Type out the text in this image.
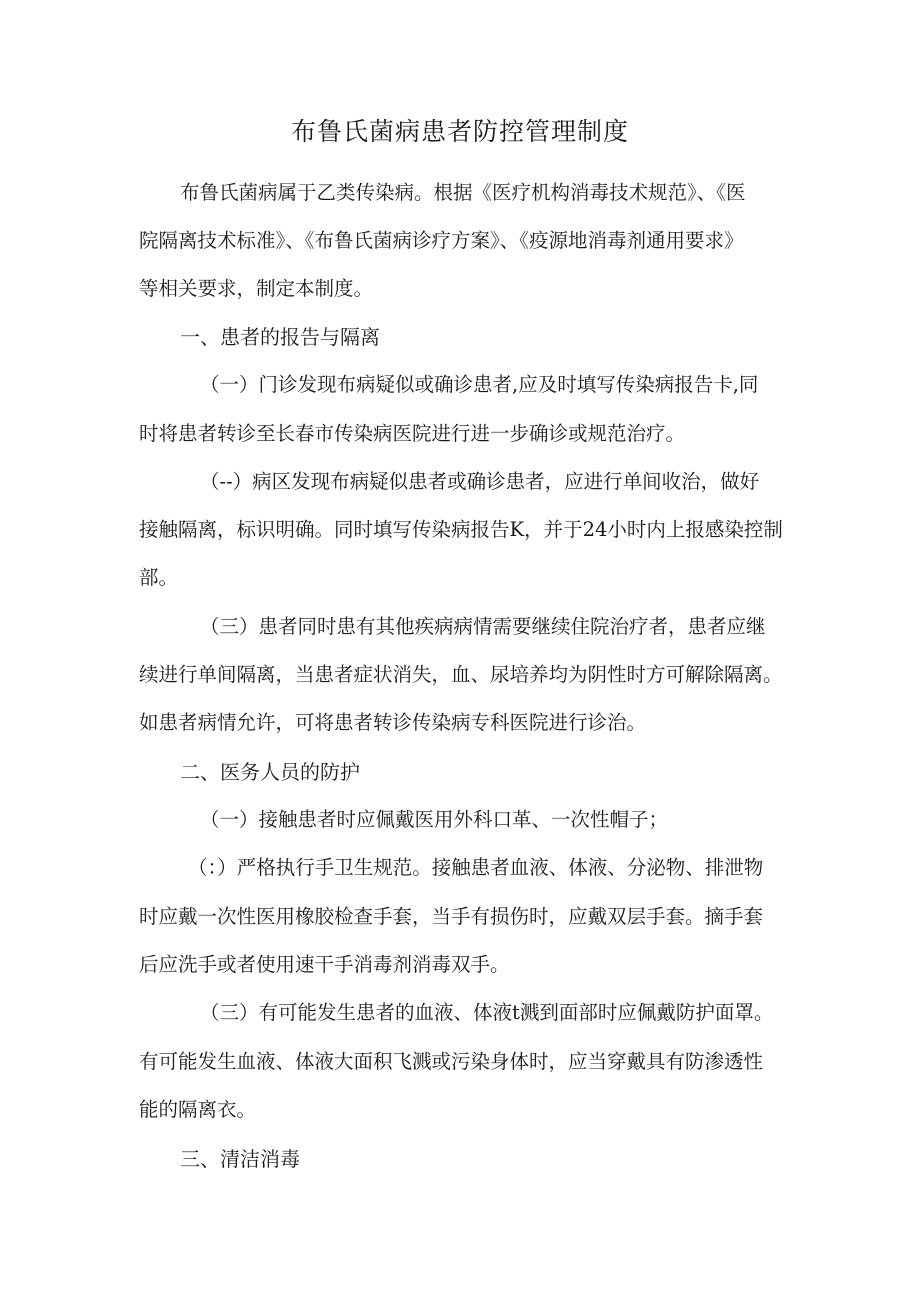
布鲁氏菌病患者防控管理制度
布鲁氏菌病属于乙类传染病。根据《医疗机构消毒技术规范》、《医
院隔离技术标准》、《布鲁氏菌病诊疗方案》、《疫源地消毒剂通用要求》
等相关要求，制定本制度。
一、患者的报告与隔离
（一）门诊发现布病疑似或确诊患者,应及时填写传染病报告卡,同
时将患者转诊至长春市传染病医院进行进一步确诊或规范治疗。
（--）病区发现布病疑似患者或确诊患者，应进行单间收治，做好
接触隔离，标识明确。同时填写传染病报告K，并于24小时内上报感染控制
部。
（三）患者同时患有其他疾病病情需要继续住院治疗者，患者应继
续进行单间隔离，当患者症状消失，血、尿培养均为阴性时方可解除隔离。
如患者病情允许，可将患者转诊传染病专科医院进行诊治。
二、医务人员的防护
（一）接触患者时应佩戴医用外科口革、一次性帽子；
（：）严格执行手卫生规范。接触患者血液、体液、分泌物、排泄物
时应戴一次性医用橡胶检查手套，当手有损伤时，应戴双层手套。摘手套
后应洗手或者使用速干手消毒剂消毒双手。
（三）有可能发生患者的血液、体液t溅到面部时应佩戴防护面罩。
有可能发生血液、体液大面积飞溅或污染身体时，应当穿戴具有防渗透性
能的隔离衣。
三、清洁消毒
